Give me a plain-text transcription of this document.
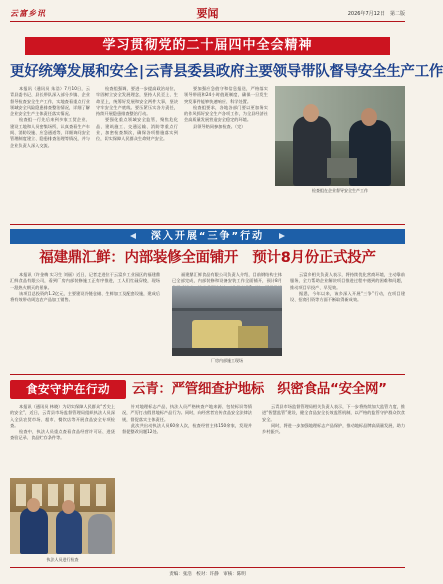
云富乡讯	要闻	2026年7月12日　第二版
学习贯彻党的二十届四中全会精神
更好统筹发展和安全|云青县委县政府主要领导带队督导安全生产工作

本报讯（通讯员 朱浩）7月10日，云青县委书记、县长带队深入部分乡镇、企业督导检查安全生产工作，实地查看重点行业领域安全风险隐患排查整治情况，详细了解企业安全生产主体责任落实情况。

检查组一行先后来到多家工贸企业、建设工地和人员密集场所，认真查看生产车间、消防设施、应急通道等，详细询问安全管理制度建立、隐患排查治理等情况，并与企业负责人深入交流。

检查组强调，要进一步提高政治站位，牢固树立安全发展理念，坚持人民至上、生命至上，统筹好发展和安全两件大事，坚决守牢安全生产底线。要压紧压实各方责任，持续开展隐患排查整治行动。

要强化重点领域安全监管，聚焦危化品、建筑施工、交通运输、消防等重点行业，加密检查频次，确保各项措施落实到位，切实保障人民群众生命财产安全。

要加强应急值守和信息报送，严格落实领导带班和24小时值班制度，确保一旦发生突发事件能够快速响应、科学处置。

检查组要求，各地各部门要以更加务实的作风抓好安全生产各项工作，为全县经济社会高质量发展营造安全稳定的环境。

县领导陪同参加检查。（完）

检查组在企业督导安全生产工作
深入开展“三争”行动
福建鼎汇鲜：内部装修全面铺开　预计8月份正式投产

本报讯（许金梅 实习生 刘丽）近日，记者走进位于云富乡工业园区的福建鼎汇鲜食品有限公司，看到厂房内部装修施工正有序推进，工人们忙碌穿梭，现场一派热火朝天的景象。

该项目总投资约1.2亿元，主要建设冷链仓储、生鲜加工及配套设施，建成后将有效带动周边农产品加工销售。

福建鼎汇鲜食品有限公司负责人介绍，目前钢结构主体已全部完成，内部装修和设备安装工作全面铺开，预计8月

厂房内部施工现场

云富乡相关负责人表示，将持续优化营商环境，主动靠前服务，全力帮助企业解决项目推进过程中遇到的困难和问题，推动项目早投产、早见效。

据悉，今年以来，该乡深入开展“三争”行动，在项目建设、招商引资等方面不断取得新成效。

食安守护在行动	云青：严管细查护地标　织密食品“安全网”

本报讯（通讯员 林晓）为切实保障人民群众“舌尖上的安全”，近日，云青县市场监督管理局组织执法人员深入全县农贸市场、超市、餐饮店等开展食品安全专项检查。

检查中，执法人员重点查看食品经营许可证、进货查验记录、食品贮存条件等。

执法人员进行检查

针对地理标志产品，执法人员严格核查产地来源、包装标识等情况，严厉打击假冒地标产品行为。同时，向经营者宣传食品安全法律法规，督促落实主体责任。

此次共出动执法人员60余人次，检查经营主体150余家，发现并督促整改问题12处。

云青县市场监督管理局相关负责人表示，下一步将持续加大监管力度，推进“智慧监管”建设，健全食品安全长效监管机制，以严格的监管守护群众饮食安全。

同时，将进一步加强地理标志产品保护，推动地标品牌高质量发展，助力乡村振兴。

责编：张浩　校对：许静　审核：陈明
